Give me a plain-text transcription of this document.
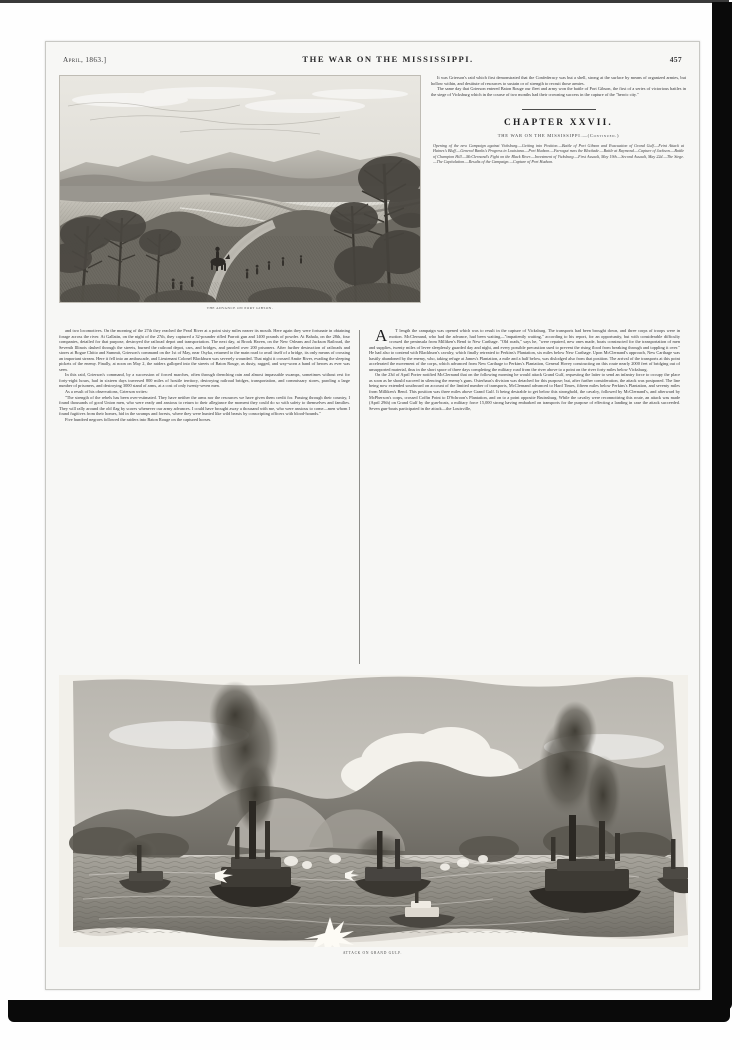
April, 1863.]	THE WAR ON THE MISSISSIPPI.	457
THE ADVANCE ON PORT GIBSON.

It was Grierson's raid which first demonstrated that the Confederacy was but a shell, strong at the surface by means of organized armies, but hollow within, and destitute of resources to sustain or of strength to recruit those armies.

The same day that Grierson entered Baton Rouge our fleet and army won the battle of Port Gibson, the first of a series of victorious battles in the siege of Vicksburg which in the course of two months had their crowning success in the capture of the "heroic city."

CHAPTER XXVII.
THE WAR ON THE MISSISSIPPI.—(Continued.)
Opening of the new Campaign against Vicksburg.—Getting into Position.—Battle of Port Gibson and Evacuation of Grand Gulf.—Feint Attack at Haines's Bluff.—General Banks's Progress in Louisiana.—Port Hudson.—Farragut runs the Blockade.—Battle at Raymond.—Capture of Jackson.—Battle of Champion Hill.—McClernand's Fight on the Black River.—Investment of Vicksburg.—First Assault, May 19th.—Second Assault, May 22d.—The Siege.—The Capitulation.—Results of the Campaign.—Capture of Port Hudson.

and two locomotives. On the morning of the 27th they reached the Pearl River at a point sixty miles nearer its mouth. Here again they were fortunate in obtaining forage across the river. At Gallatin, on the night of the 27th, they captured a 32-pounder rifled Parrott gun and 1400 pounds of powder. At Bahala, on the 28th, four companies, detailed for that purpose, destroyed the railroad depot and transportation. The next day, at Brook Haven, on the New Orleans and Jackson Railroad, the Seventh Illinois dashed through the streets, burned the railroad depot, cars, and bridges, and paroled over 200 prisoners. After further destruction of railroads and stores at Bogue Chitto and Summit, Grierson's command on the 1st of May, near Osyka, returned to the main road to avail itself of a bridge, its only means of crossing an important stream. Here it fell into an ambuscade, and Lieutenant Colonel Blackburn was severely wounded. That night it crossed Amite River, evading the sleeping pickets of the enemy. Finally, at noon on May 2, the raiders galloped into the streets of Baton Rouge, as dusty, ragged, and way-worn a band of heroes as ever was seen.

In this raid, Grierson's command, by a succession of forced marches, often through drenching rain and almost impassable swamps, sometimes without rest for forty-eight hours, had in sixteen days traversed 800 miles of hostile territory, destroying railroad bridges, transportation, and commissary stores, paroling a large number of prisoners, and destroying 3000 stand of arms, at a cost of only twenty-seven men.

As a result of his observations, Grierson writes:

"The strength of the rebels has been over-estimated. They have neither the arms nor the resources we have given them credit for. Passing through their country, I found thousands of good Union men, who were ready and anxious to return to their allegiance the moment they could do so with safety to themselves and families. They will rally around the old flag by scores whenever our army advances. I could have brought away a thousand with me, who were anxious to come—men whom I found fugitives from their homes, hid in the swamps and forests, where they were hunted like wild beasts by conscripting officers with blood-hounds."

Five hundred negroes followed the raiders into Baton Rouge on the captured horses.

A	T length the campaign was opened which was to result in the capture of Vicksburg. The transports had been brought down, and three corps of troops were in motion. McClernand, who had the advance, had been waiting—"impatiently waiting," according to his report, for an opportunity, but with considerable difficulty crossed the peninsula from Milliken's Bend to New Carthage. "Old roads," says he, "were repaired, new ones made, boats constructed for the transportation of men and supplies, twenty miles of levee sleeplessly guarded day and night, and every possible precaution used to prevent the rising flood from breaking through and toppling it over." He had also to contend with Blackburn's cavalry, which finally retreated to Perkins's Plantation, six miles below New Carthage. Upon McClernand's approach, New Carthage was hastily abandoned by the enemy, who, taking refuge at James's Plantation, a mile and a half below, was dislodged also from that position. The arrival of the transports at this point accelerated the movement of the corps, which advanced from New Carthage to Perkins's Plantation, General Hovey constructing on this route nearly 2000 feet of bridging out of unsupported material, thus in the short space of three days completing the military road from the river above to a point on the river forty miles below Vicksburg.

On the 23d of April Porter notified McClernand that on the following morning he would attack Grand Gulf, requesting the latter to send an infantry force to occupy the place as soon as he should succeed in silencing the enemy's guns. Osterhaus's division was detached for this purpose; but, after further consideration, the attack was postponed. The line being now extended southward on account of the limited number of transports, McClernand advanced to Hard Times, fifteen miles below Perkins's Plantation, and seventy miles from Milliken's Bend. This position was three miles above Grand Gulf. It being desirable to get below this stronghold, the cavalry, followed by McClernand's, and afterward by McPherson's corps, crossed Coffin Point to D'Schroon's Plantation, and on to a point opposite Bruinsburg. While the cavalry were reconnoitring this route, an attack was made (April 29th) on Grand Gulf by the gun-boats, a military force 15,000 strong having embarked on transports for the purpose of effecting a landing in case the attack succeeded. Seven gun-boats participated in the attack—the Louisville,

ATTACK ON GRAND GULF.
